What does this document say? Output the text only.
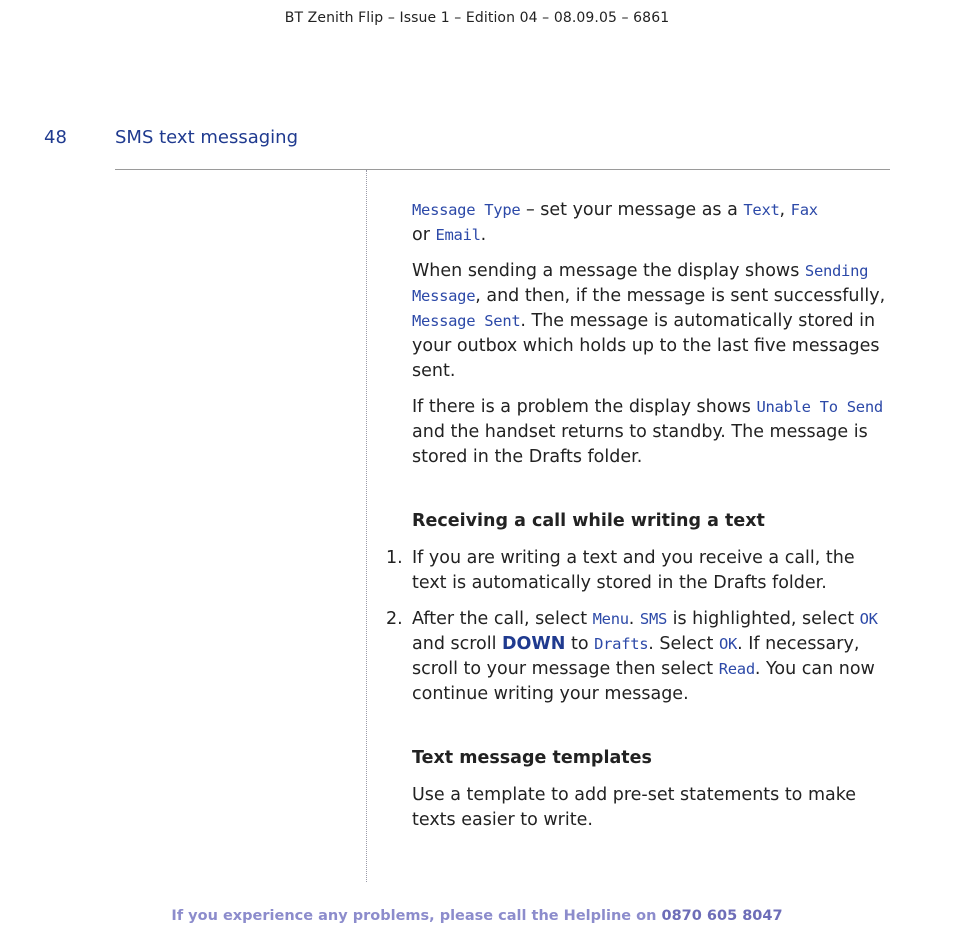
BT Zenith Flip – Issue 1 – Edition 04 – 08.09.05 – 6861
48	SMS text messaging

Message Type – set your message as a Text, Fax
or Email.

When sending a message the display shows Sending Message, and then, if the message is sent successfully, Message Sent. The message is automatically stored in your outbox which holds up to the last five messages sent.

If there is a problem the display shows Unable To Send and the handset returns to standby. The message is stored in the Drafts folder.

Receiving a call while writing a text
1. If you are writing a text and you receive a call, the text is automatically stored in the Drafts folder.
2. After the call, select Menu. SMS is highlighted, select OK and scroll DOWN to Drafts. Select OK. If necessary, scroll to your message then select Read. You can now continue writing your message.
Text message templates

Use a template to add pre-set statements to make texts easier to write.

If you experience any problems, please call the Helpline on 0870 605 8047
